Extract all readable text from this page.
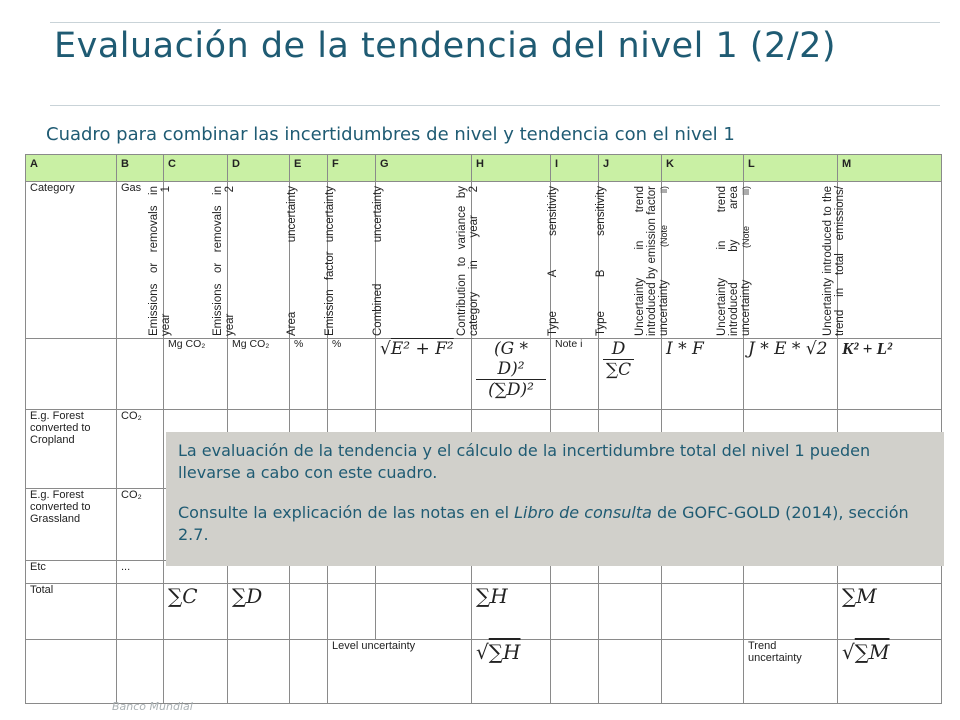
Evaluación de la tendencia del nivel 1 (2/2)
Cuadro para combinar las incertidumbres de nivel y tendencia con el nivel 1
A	B	C	D	E	F	G	H	I	J	K	L	M
Category	Gas	Emissions or removals in year 1	Emissions or removals in year 2	Area uncertainty	Emission factor uncertainty	Combined uncertainty	Contribution to variance by category in year 2	Type A sensitivity	Type B sensitivity	Uncertainty in trend introduced by emission factor uncertainty (Note ii)	Uncertainty in trend introduced by area uncertainty (Note iii)	Uncertainty introduced to the trend in total emissions/

		Mg CO₂	Mg CO₂	%	%	√E² + F²	$\frac{\text{(G * D)²}}{\text{(∑D)²}}$	Note i	$\frac{D}{\sum C}$	I * F	J * E * √2	K² + L²
E.g. Forest converted to Cropland	CO₂											
E.g. Forest converted to Grassland	CO₂											
Etc	...											
Total		∑C	∑D				∑H					∑M
					Level uncertainty		√∑H				Trend uncertainty	√∑M

La evaluación de la tendencia y el cálculo de la incertidumbre total del nivel 1 pueden llevarse a cabo con este cuadro.

Consulte la explicación de las notas en el Libro de consulta de GOFC-GOLD (2014), sección 2.7.

Banco Mundial
